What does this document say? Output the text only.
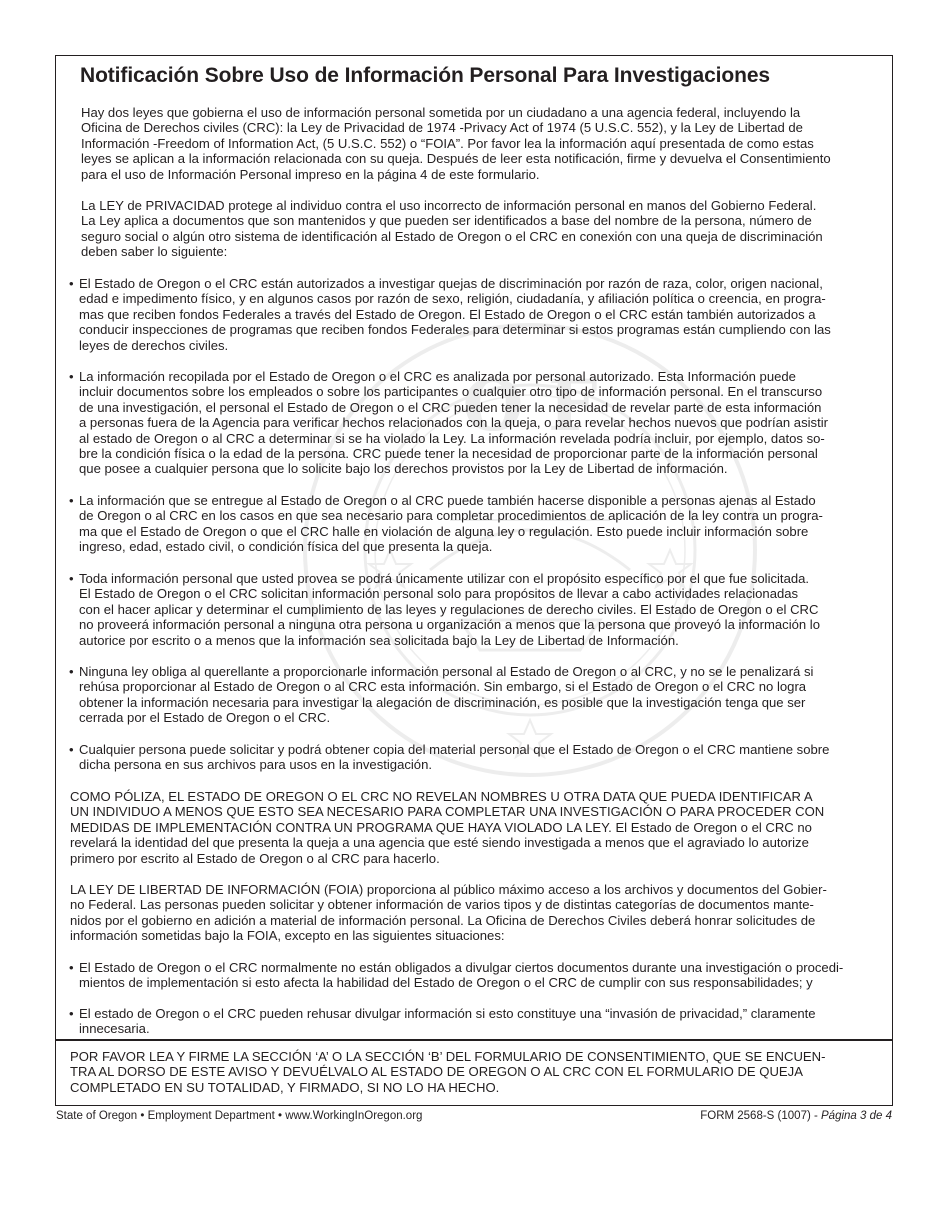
O F
Notificación Sobre Uso de Información Personal Para Investigaciones
Hay dos leyes que gobierna el uso de información personal sometida por un ciudadano a una agencia federal, incluyendo la
Oficina de Derechos civiles (CRC): la Ley de Privacidad de 1974 -Privacy Act of 1974 (5 U.S.C. 552), y la Ley de Libertad de
Información -Freedom of Information Act, (5 U.S.C. 552) o “FOIA”. Por favor lea la información aquí presentada de como estas
leyes se aplican a la información relacionada con su queja. Después de leer esta notificación, firme y devuelva el Consentimiento
para el uso de Información Personal impreso en la página 4 de este formulario.
La LEY de PRIVACIDAD protege al individuo contra el uso incorrecto de información personal en manos del Gobierno Federal.
La Ley aplica a documentos que son mantenidos y que pueden ser identificados a base del nombre de la persona, número de
seguro social o algún otro sistema de identificación al Estado de Oregon o el CRC en conexión con una queja de discriminación
deben saber lo siguiente:
• El Estado de Oregon o el CRC están autorizados a investigar quejas de discriminación por razón de raza, color, origen nacional,
edad e impedimento físico, y en algunos casos por razón de sexo, religión, ciudadanía, y afiliación política o creencia, en progra-
mas que reciben fondos Federales a través del Estado de Oregon. El Estado de Oregon o el CRC están también autorizados a
conducir inspecciones de programas que reciben fondos Federales para determinar si estos programas están cumpliendo con las
leyes de derechos civiles.
• La información recopilada por el Estado de Oregon o el CRC es analizada por personal autorizado. Esta Información puede
incluir documentos sobre los empleados o sobre los participantes o cualquier otro tipo de información personal. En el transcurso
de una investigación, el personal el Estado de Oregon o el CRC pueden tener la necesidad de revelar parte de esta información
a personas fuera de la Agencia para verificar hechos relacionados con la queja, o para revelar hechos nuevos que podrían asistir
al estado de Oregon o al CRC a determinar si se ha violado la Ley. La información revelada podría incluir, por ejemplo, datos so-
bre la condición física o la edad de la persona. CRC puede tener la necesidad de proporcionar parte de la información personal
que posee a cualquier persona que lo solicite bajo los derechos provistos por la Ley de Libertad de información.
• La información que se entregue al Estado de Oregon o al CRC puede también hacerse disponible a personas ajenas al Estado
de Oregon o al CRC en los casos en que sea necesario para completar procedimientos de aplicación de la ley contra un progra-
ma que el Estado de Oregon o que el CRC halle en violación de alguna ley o regulación. Esto puede incluir información sobre
ingreso, edad, estado civil, o condición física del que presenta la queja.
• Toda información personal que usted provea se podrá únicamente utilizar con el propósito específico por el que fue solicitada.
El Estado de Oregon o el CRC solicitan información personal solo para propósitos de llevar a cabo actividades relacionadas
con el hacer aplicar y determinar el cumplimiento de las leyes y regulaciones de derecho civiles. El Estado de Oregon o el CRC
no proveerá información personal a ninguna otra persona u organización a menos que la persona que proveyó la información lo
autorice por escrito o a menos que la información sea solicitada bajo la Ley de Libertad de Información.
• Ninguna ley obliga al querellante a proporcionarle información personal al Estado de Oregon o al CRC, y no se le penalizará si
rehúsa proporcionar al Estado de Oregon o al CRC esta información. Sin embargo, si el Estado de Oregon o el CRC no logra
obtener la información necesaria para investigar la alegación de discriminación, es posible que la investigación tenga que ser
cerrada por el Estado de Oregon o el CRC.
• Cualquier persona puede solicitar y podrá obtener copia del material personal que el Estado de Oregon o el CRC mantiene sobre
dicha persona en sus archivos para usos en la investigación.
COMO PÓLIZA, EL ESTADO DE OREGON O EL CRC NO REVELAN NOMBRES U OTRA DATA QUE PUEDA IDENTIFICAR A
UN INDIVIDUO A MENOS QUE ESTO SEA NECESARIO PARA COMPLETAR UNA INVESTIGACIÓN O PARA PROCEDER CON
MEDIDAS DE IMPLEMENTACIÓN CONTRA UN PROGRAMA QUE HAYA VIOLADO LA LEY. El Estado de Oregon o el CRC no
revelará la identidad del que presenta la queja a una agencia que esté siendo investigada a menos que el agraviado lo autorize
primero por escrito al Estado de Oregon o al CRC para hacerlo.
LA LEY DE LIBERTAD DE INFORMACIÓN (FOIA) proporciona al público máximo acceso a los archivos y documentos del Gobier-
no Federal. Las personas pueden solicitar y obtener información de varios tipos y de distintas categorías de documentos mante-
nidos por el gobierno en adición a material de información personal. La Oficina de Derechos Civiles deberá honrar solicitudes de
información sometidas bajo la FOIA, excepto en las siguientes situaciones:
• El Estado de Oregon o el CRC normalmente no están obligados a divulgar ciertos documentos durante una investigación o procedi-
mientos de implementación si esto afecta la habilidad del Estado de Oregon o el CRC de cumplir con sus responsabilidades; y
• El estado de Oregon o el CRC pueden rehusar divulgar información si esto constituye una “invasión de privacidad,” claramente
innecesaria.
POR FAVOR LEA Y FIRME LA SECCIÓN ‘A’ O LA SECCIÓN ‘B’ DEL FORMULARIO DE CONSENTIMIENTO, QUE SE ENCUEN-
TRA AL DORSO DE ESTE AVISO Y DEVUÉLVALO AL ESTADO DE OREGON O AL CRC CON EL FORMULARIO DE QUEJA
COMPLETADO EN SU TOTALIDAD, Y FIRMADO, SI NO LO HA HECHO.
State of Oregon • Employment Department • www.WorkingInOregon.org	FORM 2568-S (1007) - Página 3 de 4
